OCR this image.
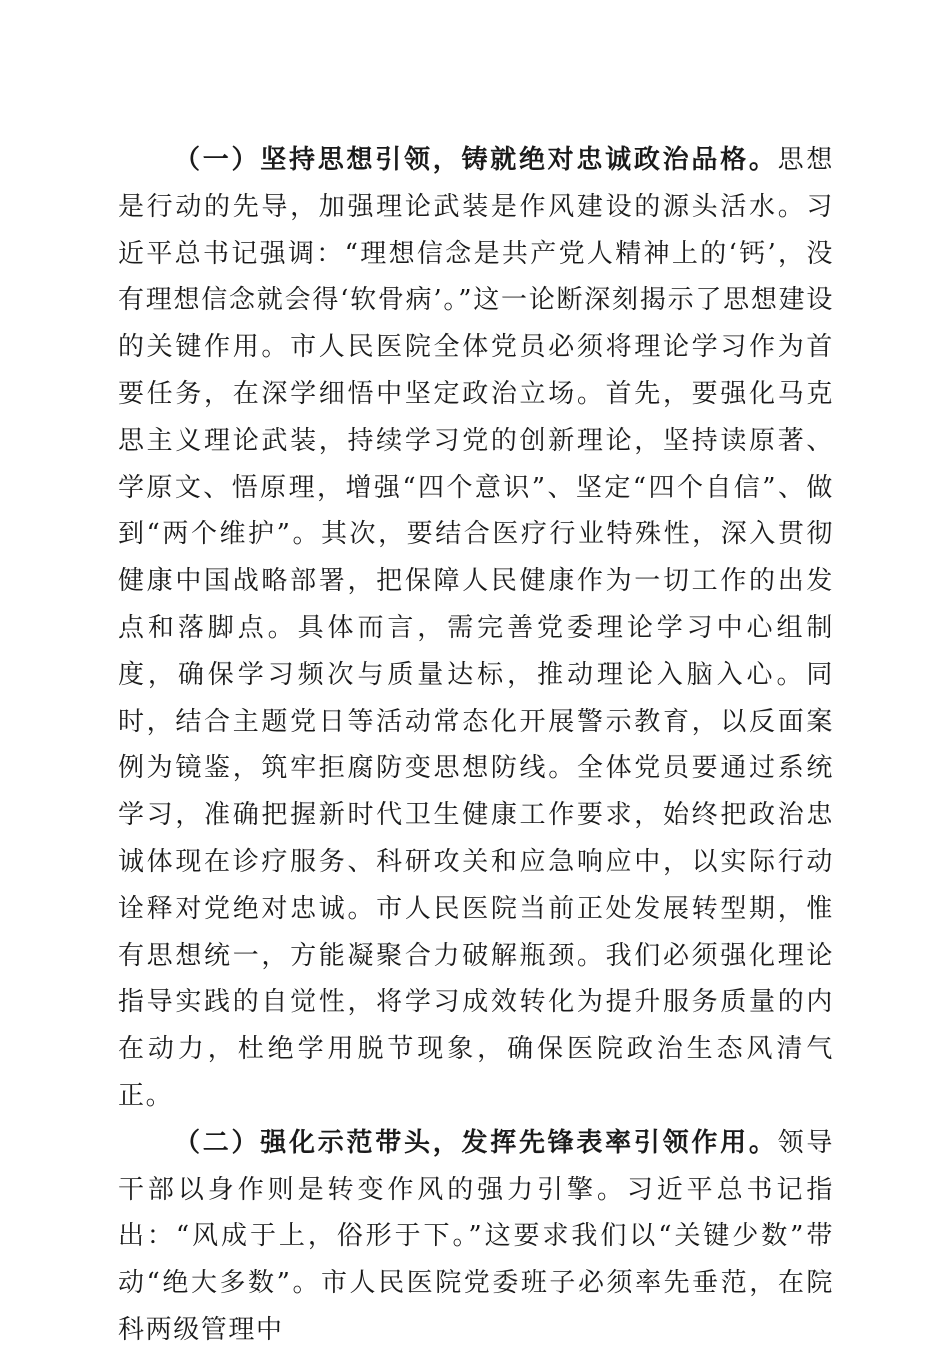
（一）坚持思想引领，铸就绝对忠诚政治品格。思想是行动的先导，加强理论武装是作风建设的源头活水。习近平总书记强调：“理想信念是共产党人精神上的‘钙’，没有理想信念就会得‘软骨病’。”这一论断深刻揭示了思想建设的关键作用。市人民医院全体党员必须将理论学习作为首要任务，在深学细悟中坚定政治立场。首先，要强化马克思主义理论武装，持续学习党的创新理论，坚持读原著、学原文、悟原理，增强“四个意识”、坚定“四个自信”、做到“两个维护”。其次，要结合医疗行业特殊性，深入贯彻健康中国战略部署，把保障人民健康作为一切工作的出发点和落脚点。具体而言，需完善党委理论学习中心组制度，确保学习频次与质量达标，推动理论入脑入心。同时，结合主题党日等活动常态化开展警示教育，以反面案例为镜鉴，筑牢拒腐防变思想防线。全体党员要通过系统学习，准确把握新时代卫生健康工作要求，始终把政治忠诚体现在诊疗服务、科研攻关和应急响应中，以实际行动诠释对党绝对忠诚。市人民医院当前正处发展转型期，惟有思想统一，方能凝聚合力破解瓶颈。我们必须强化理论指导实践的自觉性，将学习成效转化为提升服务质量的内在动力，杜绝学用脱节现象，确保医院政治生态风清气正。

（二）强化示范带头，发挥先锋表率引领作用。领导干部以身作则是转变作风的强力引擎。习近平总书记指出：“风成于上，俗形于下。”这要求我们以“关键少数”带动“绝大多数”。市人民医院党委班子必须率先垂范，在院科两级管理中
